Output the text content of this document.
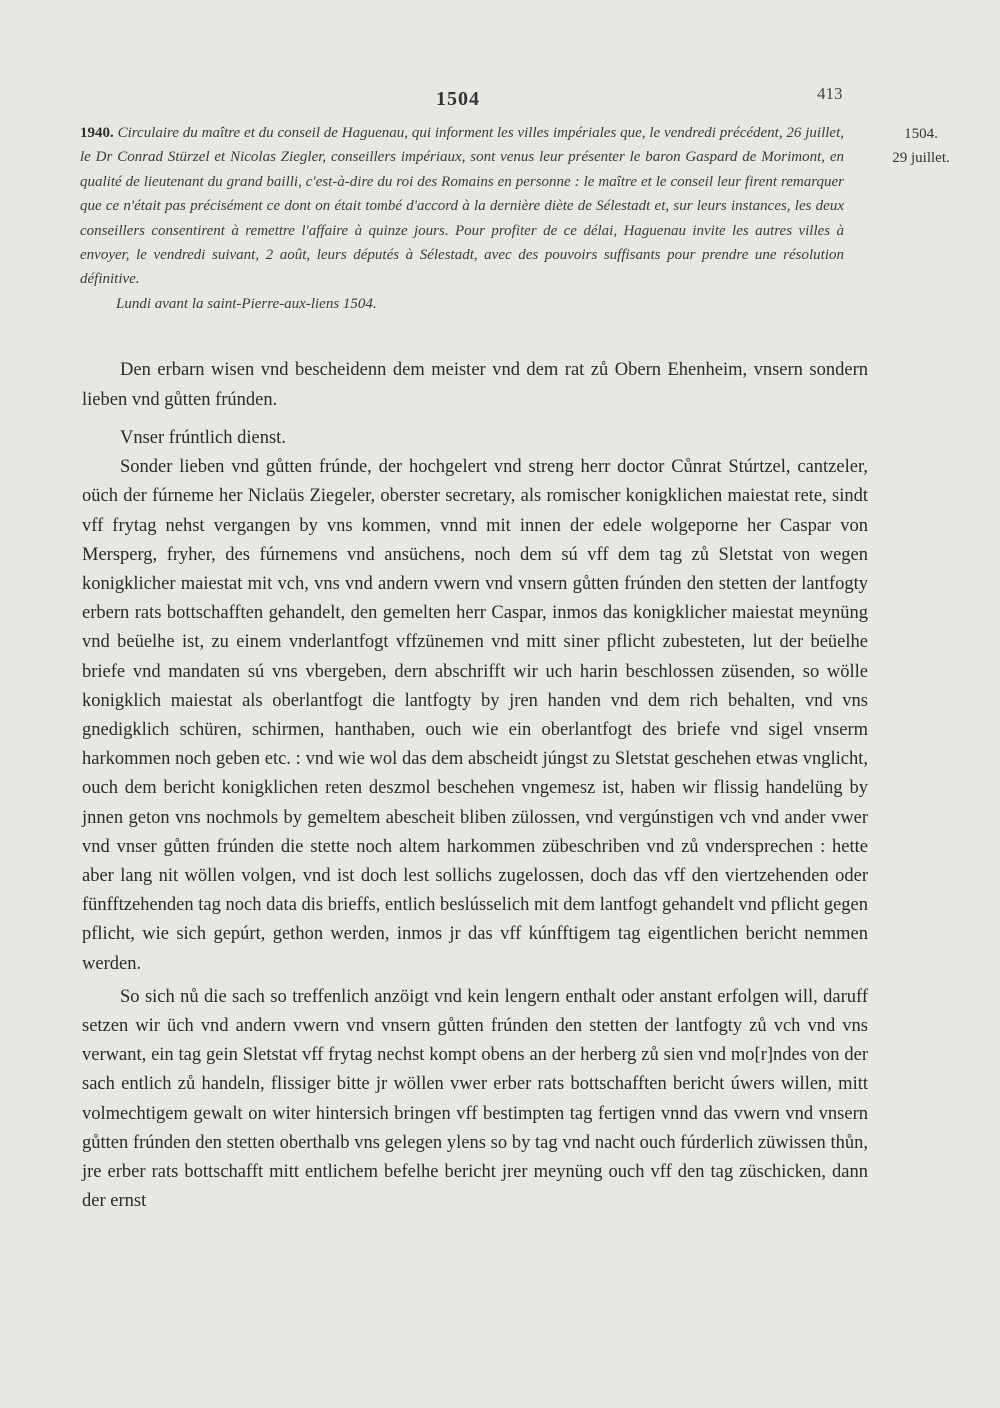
1504	413
1504.
29 juillet.
1940. Circulaire du maître et du conseil de Haguenau, qui informent les villes impériales que, le vendredi précédent, 26 juillet, le Dr Conrad Stürzel et Nicolas Ziegler, conseillers impériaux, sont venus leur présenter le baron Gaspard de Morimont, en qualité de lieutenant du grand bailli, c'est-à-dire du roi des Romains en personne : le maître et le conseil leur firent remarquer que ce n'était pas précisément ce dont on était tombé d'accord à la dernière diète de Sélestadt et, sur leurs instances, les deux conseillers consentirent à remettre l'affaire à quinze jours. Pour profiter de ce délai, Haguenau invite les autres villes à envoyer, le vendredi suivant, 2 août, leurs députés à Sélestadt, avec des pouvoirs suffisants pour prendre une résolution définitive.
Lundi avant la saint-Pierre-aux-liens 1504.
Den erbarn wisen vnd bescheidenn dem meister vnd dem rat zů Obern Ehenheim, vnsern sondern lieben vnd gůtten frúnden.

Vnser frúntlich dienst.

Sonder lieben vnd gůtten frúnde, der hochgelert vnd streng herr doctor Cůnrat Stúrtzel, cantzeler, oüch der fúrneme her Niclaüs Ziegeler, oberster secretary, als romischer konigklichen maiestat rete, sindt vff frytag nehst vergangen by vns kommen, vnnd mit innen der edele wolgeporne her Caspar von Mersperg, fryher, des fúrnemens vnd ansüchens, noch dem sú vff dem tag zů Sletstat von wegen konigklicher maiestat mit vch, vns vnd andern vwern vnd vnsern gůtten frúnden den stetten der lantfogty erbern rats bottschafften gehandelt, den gemelten herr Caspar, inmos das konigklicher maiestat meynüng vnd beüelhe ist, zu einem vnderlantfogt vffzünemen vnd mitt siner pflicht zubesteten, lut der beüelhe briefe vnd mandaten sú vns vbergeben, dern abschrifft wir uch harin beschlossen züsenden, so wölle konigklich maiestat als oberlantfogt die lantfogty by jren handen vnd dem rich behalten, vnd vns gnedigklich schüren, schirmen, hanthaben, ouch wie ein oberlantfogt des briefe vnd sigel vnserm harkommen noch geben etc. : vnd wie wol das dem abscheidt júngst zu Sletstat geschehen etwas vnglicht, ouch dem bericht konigklichen reten deszmol beschehen vngemesz ist, haben wir flissig handelüng by jnnen geton vns nochmols by gemeltem abescheit bliben zülossen, vnd vergúnstigen vch vnd ander vwer vnd vnser gůtten frúnden die stette noch altem harkommen zübeschriben vnd zů vndersprechen : hette aber lang nit wöllen volgen, vnd ist doch lest sollichs zugelossen, doch das vff den viertzehenden oder fünfftzehenden tag noch data dis brieffs, entlich beslússelich mit dem lantfogt gehandelt vnd pflicht gegen pflicht, wie sich gepúrt, gethon werden, inmos jr das vff kúnfftigem tag eigentlichen bericht nemmen werden.

So sich nů die sach so treffenlich anzöigt vnd kein lengern enthalt oder anstant erfolgen will, daruff setzen wir üch vnd andern vwern vnd vnsern gůtten frúnden den stetten der lantfogty zů vch vnd vns verwant, ein tag gein Sletstat vff frytag nechst kompt obens an der herberg zů sien vnd mo[r]ndes von der sach entlich zů handeln, flissiger bitte jr wöllen vwer erber rats bottschafften bericht úwers willen, mitt volmechtigem gewalt on witer hintersich bringen vff bestimpten tag fertigen vnnd das vwern vnd vnsern gůtten frúnden den stetten oberthalb vns gelegen ylens so by tag vnd nacht ouch fúrderlich züwissen thůn, jre erber rats bottschafft mitt entlichem befelhe bericht jrer meynüng ouch vff den tag züschicken, dann der ernst
